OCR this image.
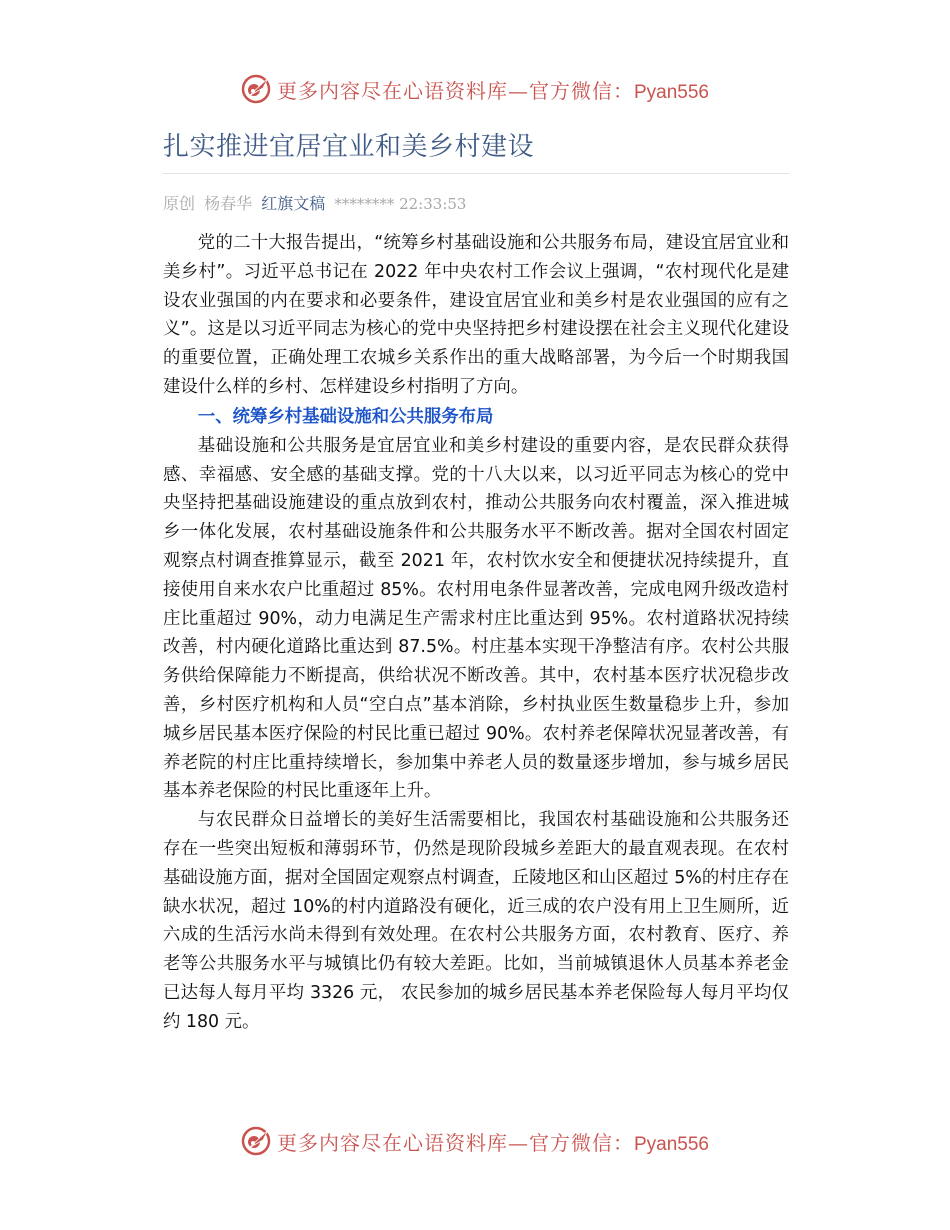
更多内容尽在心语资料库—官方微信：Pyan556
扎实推进宜居宜业和美乡村建设
原创 杨春华 红旗文稿 ******** 22:33:53

党的二十大报告提出，“统筹乡村基础设施和公共服务布局，建设宜居宜业和美乡村”。习近平总书记在 2022 年中央农村工作会议上强调，“农村现代化是建设农业强国的内在要求和必要条件，建设宜居宜业和美乡村是农业强国的应有之义”。这是以习近平同志为核心的党中央坚持把乡村建设摆在社会主义现代化建设的重要位置，正确处理工农城乡关系作出的重大战略部署，为今后一个时期我国建设什么样的乡村、怎样建设乡村指明了方向。

一、统筹乡村基础设施和公共服务布局

基础设施和公共服务是宜居宜业和美乡村建设的重要内容，是农民群众获得感、幸福感、安全感的基础支撑。党的十八大以来，以习近平同志为核心的党中央坚持把基础设施建设的重点放到农村，推动公共服务向农村覆盖，深入推进城乡一体化发展，农村基础设施条件和公共服务水平不断改善。据对全国农村固定观察点村调查推算显示，截至 2021 年，农村饮水安全和便捷状况持续提升，直接使用自来水农户比重超过 85%。农村用电条件显著改善，完成电网升级改造村庄比重超过 90%，动力电满足生产需求村庄比重达到 95%。农村道路状况持续改善，村内硬化道路比重达到 87.5%。村庄基本实现干净整洁有序。农村公共服务供给保障能力不断提高，供给状况不断改善。其中，农村基本医疗状况稳步改善，乡村医疗机构和人员“空白点”基本消除，乡村执业医生数量稳步上升，参加城乡居民基本医疗保险的村民比重已超过 90%。农村养老保障状况显著改善，有养老院的村庄比重持续增长，参加集中养老人员的数量逐步增加，参与城乡居民基本养老保险的村民比重逐年上升。

与农民群众日益增长的美好生活需要相比，我国农村基础设施和公共服务还存在一些突出短板和薄弱环节，仍然是现阶段城乡差距大的最直观表现。在农村基础设施方面，据对全国固定观察点村调查，丘陵地区和山区超过 5%的村庄存在缺水状况，超过 10%的村内道路没有硬化，近三成的农户没有用上卫生厕所，近六成的生活污水尚未得到有效处理。在农村公共服务方面，农村教育、医疗、养老等公共服务水平与城镇比仍有较大差距。比如，当前城镇退休人员基本养老金已达每人每月平均 3326 元， 农民参加的城乡居民基本养老保险每人每月平均仅约 180 元。

更多内容尽在心语资料库—官方微信：Pyan556
